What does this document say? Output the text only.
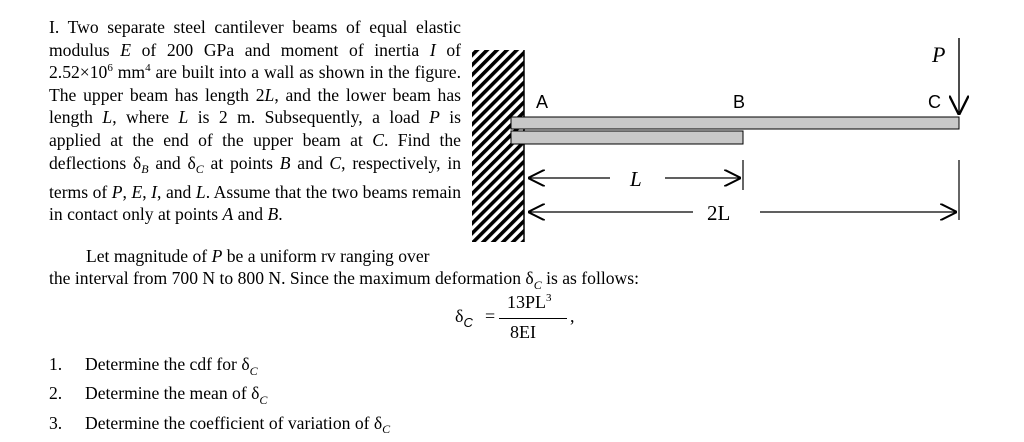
I. Two separate steel cantilever beams of equal elastic modulus E of 200 GPa and moment of inertia I of $2.52\times 10^6$ $mm^4$ are built into a wall as shown in the figure. The upper beam has length 2L, and the lower beam has length L, where L is 2 m. Subsequently, a load P is applied at the end of the upper beam at C. Find the deflections $\delta_B$ and $\delta_C$ at points B and C, respectively, in terms of P, E, I, and L. Assume that the two beams remain in contact only at points A and B.
Let magnitude of P be a uniform rv ranging over
the interval from 700 N to 800 N. Since the maximum deformation $\delta_C$ is as follows:
$\delta_C$ =
$13PL^3$
8EI
,
1. Determine the cdf for $\delta_C$
2. Determine the mean of $\delta_C$
3. Determine the coefficient of variation of $\delta_C$
A	B	C
P
L
2L
